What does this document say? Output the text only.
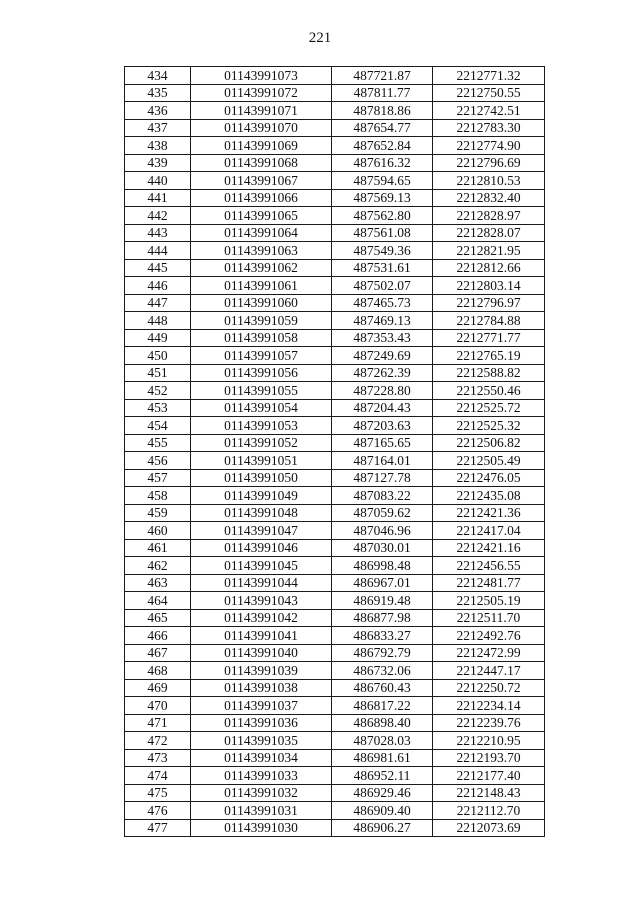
221
434	01143991073	487721.87	2212771.32
435	01143991072	487811.77	2212750.55
436	01143991071	487818.86	2212742.51
437	01143991070	487654.77	2212783.30
438	01143991069	487652.84	2212774.90
439	01143991068	487616.32	2212796.69
440	01143991067	487594.65	2212810.53
441	01143991066	487569.13	2212832.40
442	01143991065	487562.80	2212828.97
443	01143991064	487561.08	2212828.07
444	01143991063	487549.36	2212821.95
445	01143991062	487531.61	2212812.66
446	01143991061	487502.07	2212803.14
447	01143991060	487465.73	2212796.97
448	01143991059	487469.13	2212784.88
449	01143991058	487353.43	2212771.77
450	01143991057	487249.69	2212765.19
451	01143991056	487262.39	2212588.82
452	01143991055	487228.80	2212550.46
453	01143991054	487204.43	2212525.72
454	01143991053	487203.63	2212525.32
455	01143991052	487165.65	2212506.82
456	01143991051	487164.01	2212505.49
457	01143991050	487127.78	2212476.05
458	01143991049	487083.22	2212435.08
459	01143991048	487059.62	2212421.36
460	01143991047	487046.96	2212417.04
461	01143991046	487030.01	2212421.16
462	01143991045	486998.48	2212456.55
463	01143991044	486967.01	2212481.77
464	01143991043	486919.48	2212505.19
465	01143991042	486877.98	2212511.70
466	01143991041	486833.27	2212492.76
467	01143991040	486792.79	2212472.99
468	01143991039	486732.06	2212447.17
469	01143991038	486760.43	2212250.72
470	01143991037	486817.22	2212234.14
471	01143991036	486898.40	2212239.76
472	01143991035	487028.03	2212210.95
473	01143991034	486981.61	2212193.70
474	01143991033	486952.11	2212177.40
475	01143991032	486929.46	2212148.43
476	01143991031	486909.40	2212112.70
477	01143991030	486906.27	2212073.69
